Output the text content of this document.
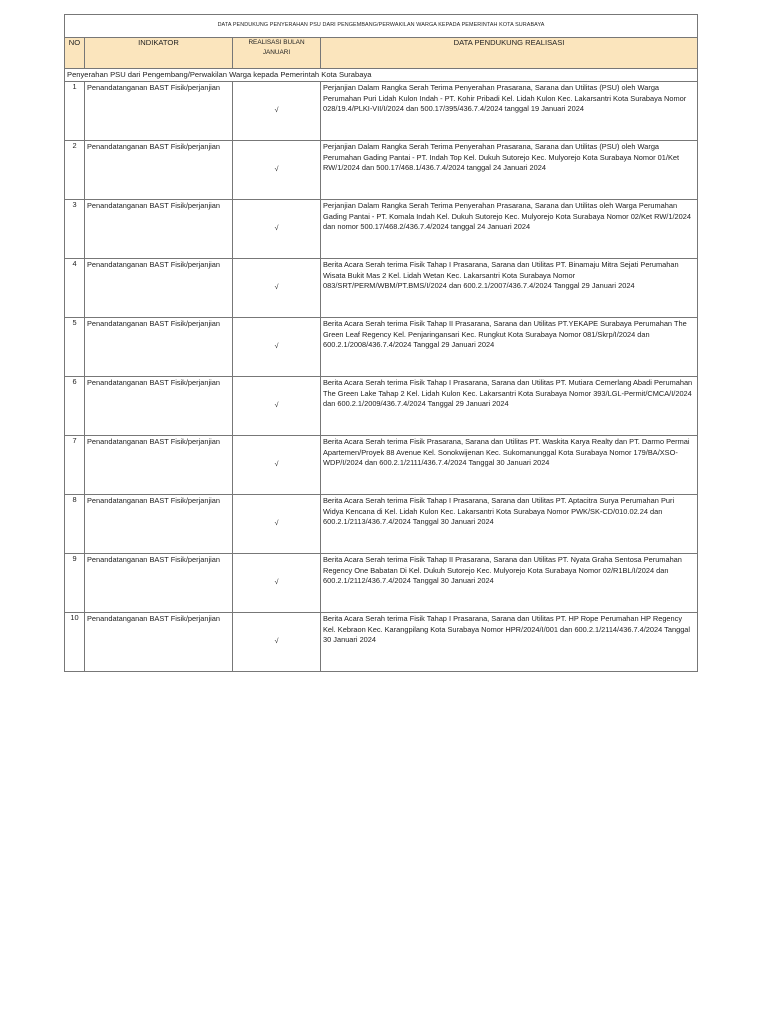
DATA PENDUKUNG PENYERAHAN PSU DARI PENGEMBANG/PERWAKILAN WARGA KEPADA PEMERINTAH KOTA SURABAYA			
NO	INDIKATOR	REALISASI BULAN JANUARI	DATA PENDUKUNG REALISASI
Penyerahan PSU dari Pengembang/Perwakilan Warga kepada Pemerintah Kota Surabaya			
1	Penandatanganan BAST Fisik/perjanjian	√	Perjanjian Dalam Rangka Serah Terima Penyerahan Prasarana, Sarana dan Utilitas (PSU) oleh Warga Perumahan Puri Lidah Kulon Indah - PT. Kohir Pribadi Kel. Lidah Kulon Kec. Lakarsantri Kota Surabaya Nomor 028/19.4/PLKI-VII/I/2024 dan 500.17/395/436.7.4/2024 tanggal 19 Januari 2024
2	Penandatanganan BAST Fisik/perjanjian	√	Perjanjian Dalam Rangka Serah Terima Penyerahan Prasarana, Sarana dan Utilitas (PSU) oleh Warga Perumahan Gading Pantai - PT. Indah Top Kel. Dukuh Sutorejo Kec. Mulyorejo Kota Surabaya Nomor 01/Ket RW/1/2024 dan 500.17/468.1/436.7.4/2024 tanggal 24 Januari 2024
3	Penandatanganan BAST Fisik/perjanjian	√	Perjanjian Dalam Rangka Serah Terima Penyerahan Prasarana, Sarana dan Utilitas oleh Warga Perumahan Gading Pantai - PT. Komala Indah Kel. Dukuh Sutorejo Kec. Mulyorejo Kota Surabaya Nomor 02/Ket RW/1/2024 dan nomor 500.17/468.2/436.7.4/2024 tanggal 24 Januari 2024
4	Penandatanganan BAST Fisik/perjanjian	√	Berita Acara Serah terima Fisik Tahap I Prasarana, Sarana dan Utilitas PT. Binamaju Mitra Sejati Perumahan Wisata Bukit Mas 2 Kel. Lidah Wetan Kec. Lakarsantri Kota Surabaya Nomor 083/SRT/PERM/WBM/PT.BMS/I/2024 dan 600.2.1/2007/436.7.4/2024 Tanggal 29 Januari 2024
5	Penandatanganan BAST Fisik/perjanjian	√	Berita Acara Serah terima Fisik Tahap II Prasarana, Sarana dan Utilitas PT.YEKAPE Surabaya Perumahan The Green Leaf Regency Kel. Penjaringansari Kec. Rungkut Kota Surabaya Nomor 081/Skrp/I/2024 dan 600.2.1/2008/436.7.4/2024 Tanggal 29 Januari 2024
6	Penandatanganan BAST Fisik/perjanjian	√	Berita Acara Serah terima Fisik Tahap I Prasarana, Sarana dan Utilitas PT. Mutiara Cemerlang Abadi Perumahan The Green Lake Tahap 2 Kel. Lidah Kulon Kec. Lakarsantri Kota Surabaya Nomor 393/LGL-Permit/CMCA/I/2024 dan 600.2.1/2009/436.7.4/2024 Tanggal 29 Januari 2024
7	Penandatanganan BAST Fisik/perjanjian	√	Berita Acara Serah terima Fisik Prasarana, Sarana dan Utilitas PT. Waskita Karya Realty dan PT. Darmo Permai Apartemen/Proyek 88 Avenue Kel. Sonokwijenan Kec. Sukomanunggal Kota Surabaya Nomor 179/BA/XSO-WDP/I/2024 dan 600.2.1/2111/436.7.4/2024 Tanggal 30 Januari 2024
8	Penandatanganan BAST Fisik/perjanjian	√	Berita Acara Serah terima Fisik Tahap I Prasarana, Sarana dan Utilitas PT. Aptacitra Surya Perumahan Puri Widya Kencana di Kel. Lidah Kulon Kec. Lakarsantri Kota Surabaya Nomor PWK/SK-CD/010.02.24 dan 600.2.1/2113/436.7.4/2024 Tanggal 30 Januari 2024
9	Penandatanganan BAST Fisik/perjanjian	√	Berita Acara Serah terima Fisik Tahap II Prasarana, Sarana dan Utilitas PT. Nyata Graha Sentosa Perumahan Regency One Babatan Di Kel. Dukuh Sutorejo Kec. Mulyorejo Kota Surabaya Nomor 02/R1BL/I/2024 dan 600.2.1/2112/436.7.4/2024 Tanggal 30 Januari 2024
10	Penandatanganan BAST Fisik/perjanjian	√	Berita Acara Serah terima Fisik Tahap I Prasarana, Sarana dan Utilitas PT. HP Rope Perumahan HP Regency Kel. Kebraon Kec. Karangpilang Kota Surabaya Nomor HPR/2024/I/001 dan 600.2.1/2114/436.7.4/2024 Tanggal 30 Januari 2024
